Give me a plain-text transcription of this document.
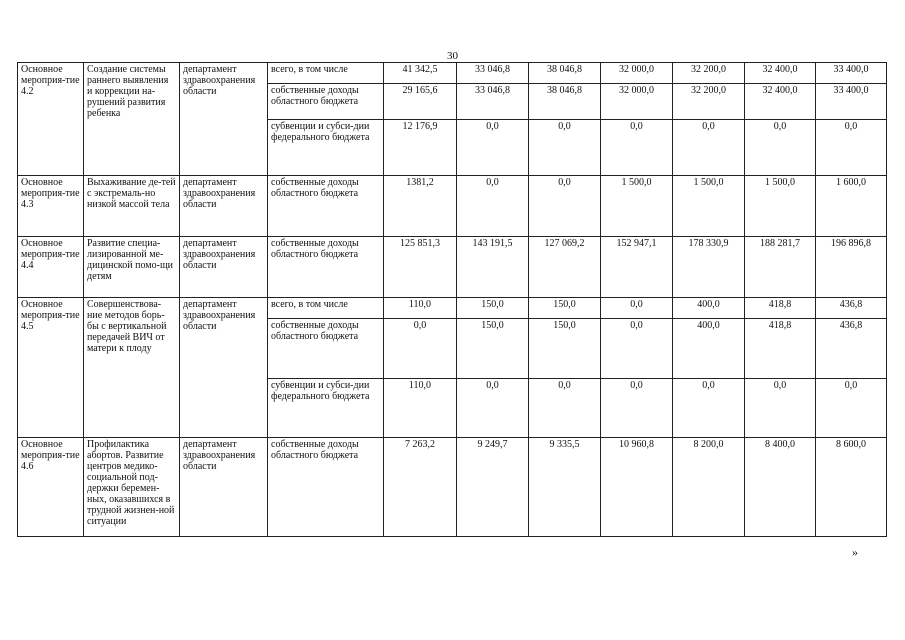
30
Основное мероприя-тие 4.2	Создание системы раннего выявления и коррекции на-рушений развития ребенка	департамент здравоохранения области	всего, в том числе	41 342,5	33 046,8	38 046,8	32 000,0	32 200,0	32 400,0	33 400,0
			собственные доходы областного бюджета	29 165,6	33 046,8	38 046,8	32 000,0	32 200,0	32 400,0	33 400,0
			субвенции и субси-дии федерального бюджета	12 176,9	0,0	0,0	0,0	0,0	0,0	0,0
Основное мероприя-тие 4.3	Выхаживание де-тей с экстремаль-но низкой массой тела	департамент здравоохранения области	собственные доходы областного бюджета	1381,2	0,0	0,0	1 500,0	1 500,0	1 500,0	1 600,0
Основное мероприя-тие 4.4	Развитие специа-лизированной ме-дицинской помо-щи детям	департамент здравоохранения области	собственные доходы областного бюджета	125 851,3	143 191,5	127 069,2	152 947,1	178 330,9	188 281,7	196 896,8
Основное мероприя-тие 4.5	Совершенствова-ние методов борь-бы с вертикальной передачей ВИЧ от матери к плоду	департамент здравоохранения области	всего, в том числе	110,0	150,0	150,0	0,0	400,0	418,8	436,8
			собственные доходы областного бюджета	0,0	150,0	150,0	0,0	400,0	418,8	436,8
			субвенции и субси-дии федерального бюджета	110,0	0,0	0,0	0,0	0,0	0,0	0,0
Основное мероприя-тие 4.6	Профилактика абортов. Развитие центров медико-социальной под-держки беремен-ных, оказавшихся в трудной жизнен-ной ситуации	департамент здравоохранения области	собственные доходы областного бюджета	7 263,2	9 249,7	9 335,5	10 960,8	8 200,0	8 400,0	8 600,0
»
